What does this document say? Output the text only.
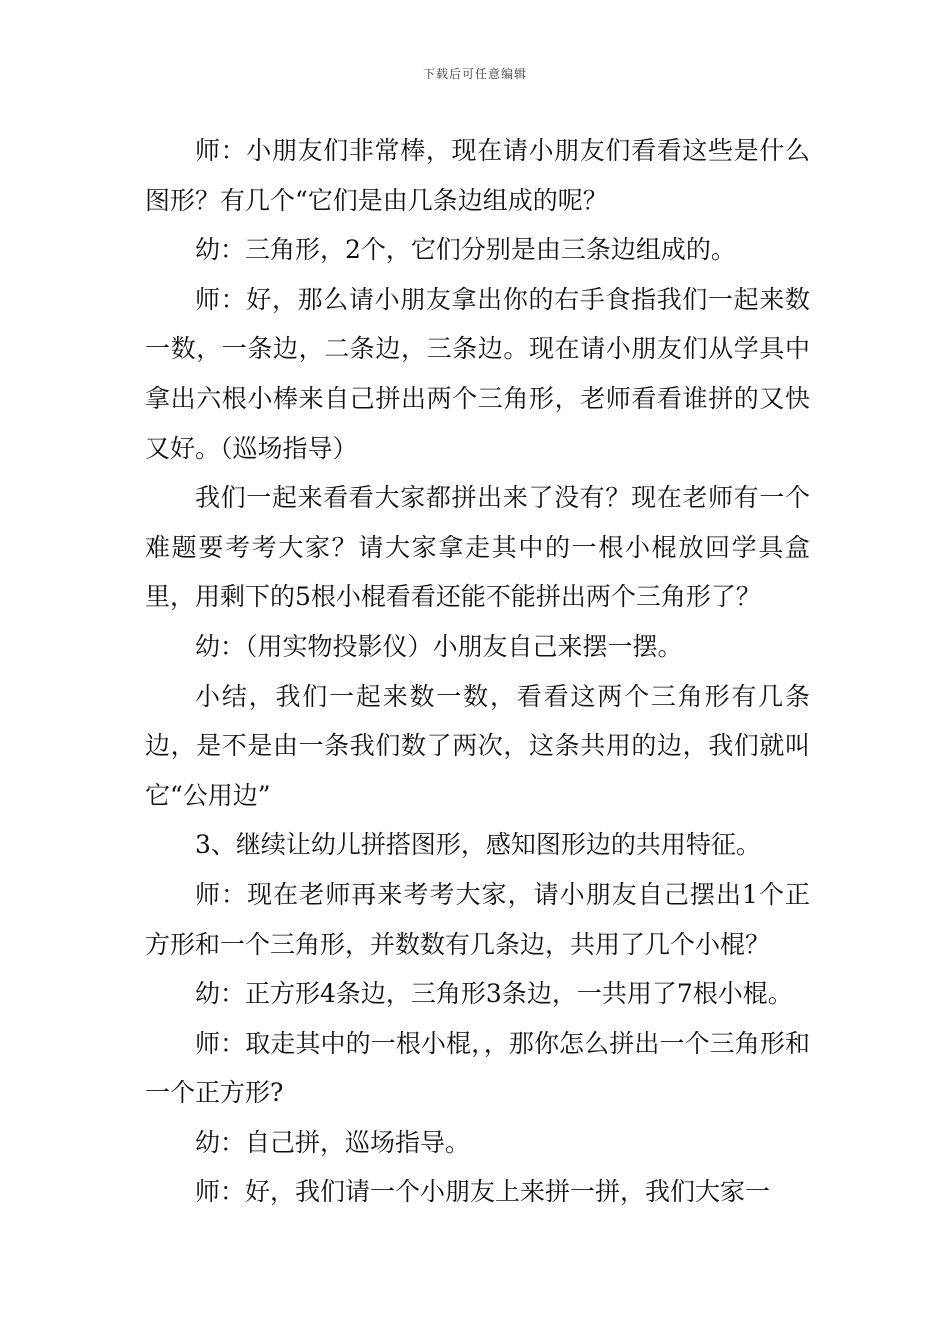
下载后可任意编辑

师：小朋友们非常棒，现在请小朋友们看看这些是什么图形？有几个“它们是由几条边组成的呢？

幼：三角形，2个，它们分别是由三条边组成的。

师：好，那么请小朋友拿出你的右手食指我们一起来数一数，一条边，二条边，三条边。现在请小朋友们从学具中拿出六根小棒来自己拼出两个三角形，老师看看谁拼的又快又好。（巡场指导）

我们一起来看看大家都拼出来了没有？现在老师有一个难题要考考大家？请大家拿走其中的一根小棍放回学具盒里，用剩下的5根小棍看看还能不能拼出两个三角形了？

幼：（用实物投影仪）小朋友自己来摆一摆。

小结，我们一起来数一数，看看这两个三角形有几条边，是不是由一条我们数了两次，这条共用的边，我们就叫它“公用边”

3、继续让幼儿拼搭图形，感知图形边的共用特征。

师：现在老师再来考考大家，请小朋友自己摆出1个正方形和一个三角形，并数数有几条边，共用了几个小棍？

幼：正方形4条边，三角形3条边，一共用了7根小棍。

师：取走其中的一根小棍，，那你怎么拼出一个三角形和一个正方形?

幼：自己拼，巡场指导。

师：好，我们请一个小朋友上来拼一拼，我们大家一
